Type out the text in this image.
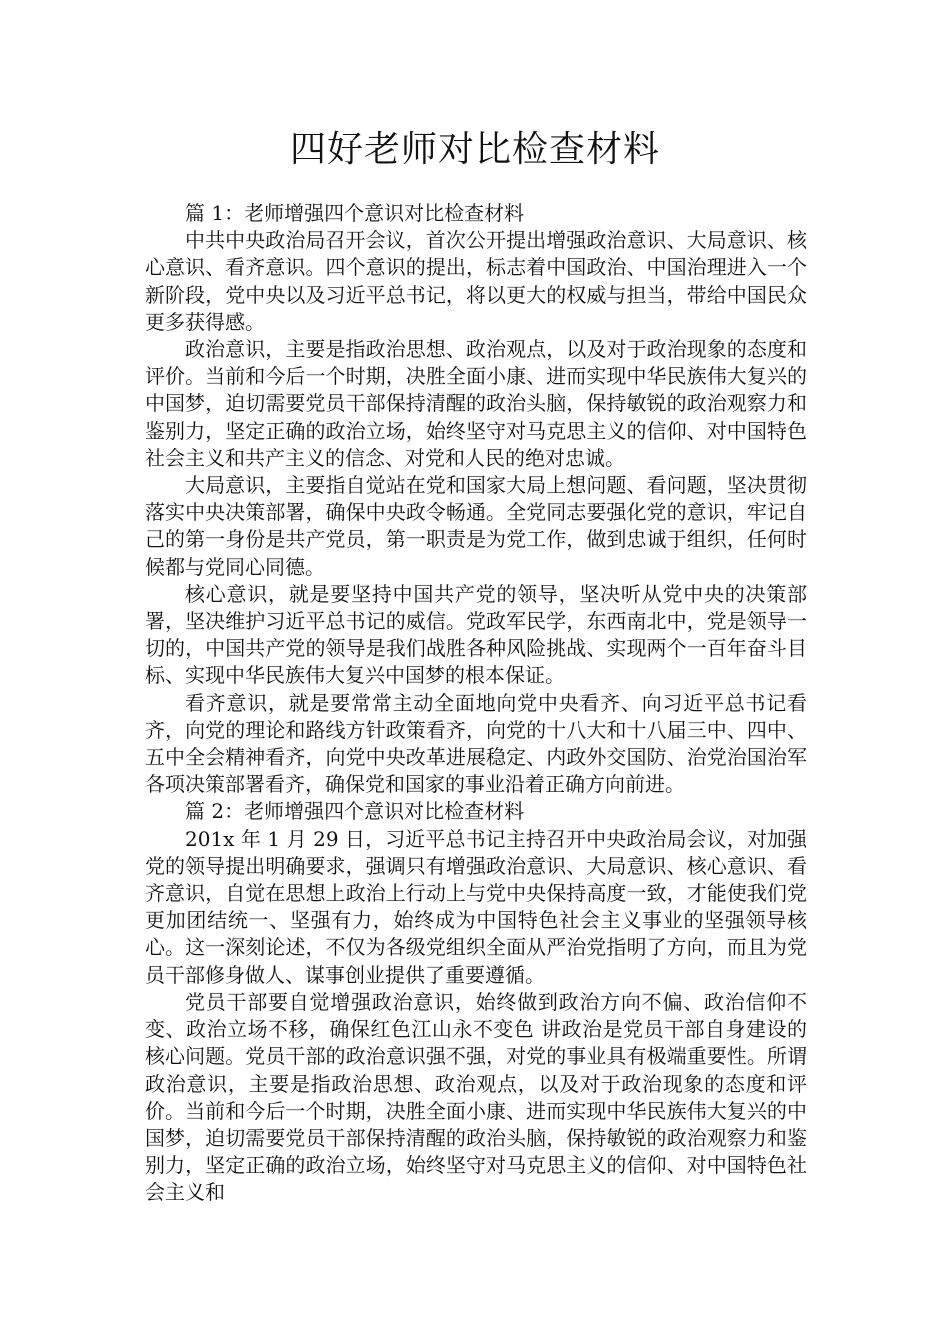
四好老师对比检查材料

篇 1：老师增强四个意识对比检查材料

中共中央政治局召开会议，首次公开提出增强政治意识、大局意识、核心意识、看齐意识。四个意识的提出，标志着中国政治、中国治理进入一个新阶段，党中央以及习近平总书记，将以更大的权威与担当，带给中国民众更多获得感。

政治意识，主要是指政治思想、政治观点，以及对于政治现象的态度和评价。当前和今后一个时期，决胜全面小康、进而实现中华民族伟大复兴的中国梦，迫切需要党员干部保持清醒的政治头脑，保持敏锐的政治观察力和鉴别力，坚定正确的政治立场，始终坚守对马克思主义的信仰、对中国特色社会主义和共产主义的信念、对党和人民的绝对忠诚。

大局意识，主要指自觉站在党和国家大局上想问题、看问题，坚决贯彻落实中央决策部署，确保中央政令畅通。全党同志要强化党的意识，牢记自己的第一身份是共产党员，第一职责是为党工作，做到忠诚于组织，任何时候都与党同心同德。

核心意识，就是要坚持中国共产党的领导，坚决听从党中央的决策部署，坚决维护习近平总书记的威信。党政军民学，东西南北中，党是领导一切的，中国共产党的领导是我们战胜各种风险挑战、实现两个一百年奋斗目标、实现中华民族伟大复兴中国梦的根本保证。

看齐意识，就是要常常主动全面地向党中央看齐、向习近平总书记看齐，向党的理论和路线方针政策看齐，向党的十八大和十八届三中、四中、五中全会精神看齐，向党中央改革进展稳定、内政外交国防、治党治国治军各项决策部署看齐，确保党和国家的事业沿着正确方向前进。

篇 2：老师增强四个意识对比检查材料

201x 年 1 月 29 日，习近平总书记主持召开中央政治局会议，对加强党的领导提出明确要求，强调只有增强政治意识、大局意识、核心意识、看齐意识，自觉在思想上政治上行动上与党中央保持高度一致，才能使我们党更加团结统一、坚强有力，始终成为中国特色社会主义事业的坚强领导核心。这一深刻论述，不仅为各级党组织全面从严治党指明了方向，而且为党员干部修身做人、谋事创业提供了重要遵循。

党员干部要自觉增强政治意识，始终做到政治方向不偏、政治信仰不变、政治立场不移，确保红色江山永不变色 讲政治是党员干部自身建设的核心问题。党员干部的政治意识强不强，对党的事业具有极端重要性。所谓政治意识，主要是指政治思想、政治观点，以及对于政治现象的态度和评价。当前和今后一个时期，决胜全面小康、进而实现中华民族伟大复兴的中国梦，迫切需要党员干部保持清醒的政治头脑，保持敏锐的政治观察力和鉴别力，坚定正确的政治立场，始终坚守对马克思主义的信仰、对中国特色社会主义和
